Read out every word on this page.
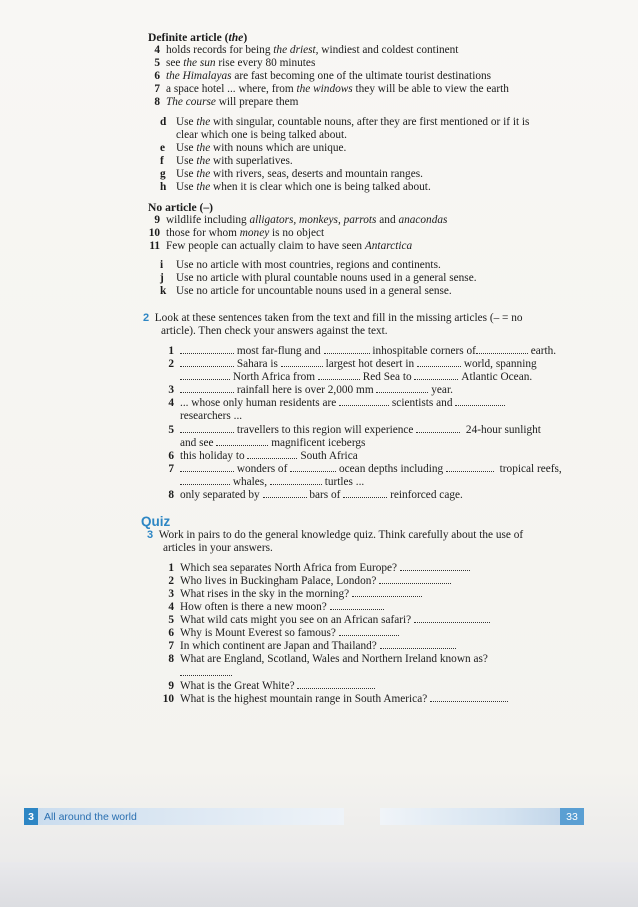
Definite article (the)
4 holds records for being the driest, windiest and coldest continent
5 see the sun rise every 80 minutes
6 the Himalayas are fast becoming one of the ultimate tourist destinations
7 a space hotel ... where, from the windows they will be able to view the earth
8 The course will prepare them
d Use the with singular, countable nouns, after they are first mentioned or if it is
clear which one is being talked about.
e Use the with nouns which are unique.
f Use the with superlatives.
g Use the with rivers, seas, deserts and mountain ranges.
h Use the when it is clear which one is being talked about.
No article (–)
9 wildlife including alligators, monkeys, parrots and anacondas
10 those for whom money is no object
11 Few people can actually claim to have seen Antarctica
i Use no article with most countries, regions and continents.
j Use no article with plural countable nouns used in a general sense.
k Use no article for uncountable nouns used in a general sense.
2 Look at these sentences taken from the text and fill in the missing articles (– = no
article). Then check your answers against the text.
1	most far-flung and	inhospitable corners of	earth.
2	Sahara is	largest hot desert in	world, spanning
North Africa from	Red Sea to	Atlantic Ocean.
3	rainfall here is over 2,000 mm	year.
4 ... whose only human residents are	scientists and
researchers ...
5	travellers to this region will experience	24-hour sunlight
and see	magnificent icebergs
6 this holiday to	South Africa
7	wonders of	ocean depths including	tropical reefs,
whales,	turtles ...
8 only separated by	bars of	reinforced cage.
Quiz
3 Work in pairs to do the general knowledge quiz. Think carefully about the use of
articles in your answers.
1 Which sea separates North Africa from Europe?
2 Who lives in Buckingham Palace, London?
3 What rises in the sky in the morning?
4 How often is there a new moon?
5 What wild cats might you see on an African safari?
6 Why is Mount Everest so famous?
7 In which continent are Japan and Thailand?
8 What are England, Scotland, Wales and Northern Ireland known as?
9 What is the Great White?
10 What is the highest mountain range in South America?
3 All around the world	33
